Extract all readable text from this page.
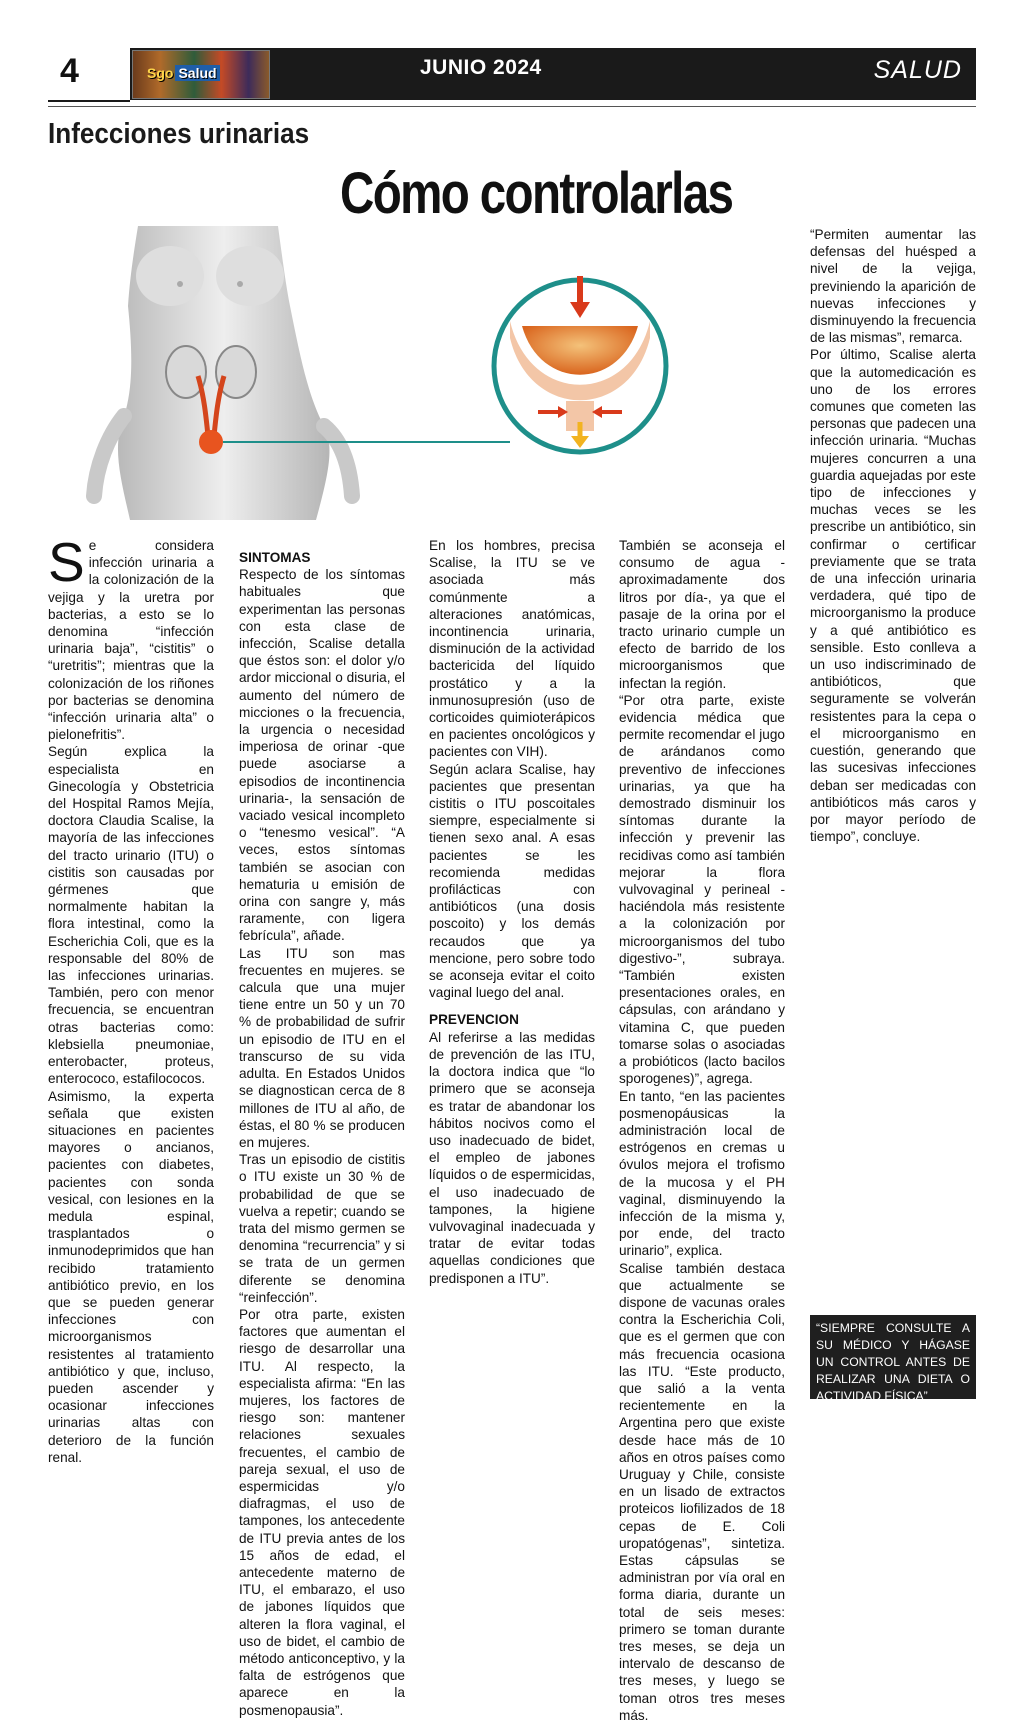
4	Sgo Salud	JUNIO 2024	SALUD
Infecciones urinarias
Cómo controlarlas

Se considera infección urinaria a la colonización de la vejiga y la uretra por bacterias, a esto se lo denomina “infección urinaria baja”, “cistitis” o “uretritis”; mientras que la colonización de los riñones por bacterias se denomina “infección urinaria alta” o pielonefritis”.

Según explica la especialista en Ginecología y Obstetricia del Hospital Ramos Mejía, doctora Claudia Scalise, la mayoría de las infecciones del tracto urinario (ITU) o cistitis son causadas por gérmenes que normalmente habitan la flora intestinal, como la Escherichia Coli, que es la responsable del 80% de las infecciones urinarias. También, pero con menor frecuencia, se encuentran otras bacterias como: klebsiella pneumoniae, enterobacter, proteus, enterococo, estafilococos.

Asimismo, la experta señala que existen situaciones en pacientes mayores o ancianos, pacientes con diabetes, pacientes con sonda vesical, con lesiones en la medula espinal, trasplantados o inmunodeprimidos que han recibido tratamiento antibiótico previo, en los que se pueden generar infecciones con microorganismos resistentes al tratamiento antibiótico y que, incluso, pueden ascender y ocasionar infecciones urinarias altas con deterioro de la función renal.

SINTOMAS

Respecto de los síntomas habituales que experimentan las personas con esta clase de infección, Scalise detalla que éstos son: el dolor y/o ardor miccional o disuria, el aumento del número de micciones o la frecuencia, la urgencia o necesidad imperiosa de orinar -que puede asociarse a episodios de incontinencia urinaria-, la sensación de vaciado vesical incompleto o “tenesmo vesical”. “A veces, estos síntomas también se asocian con hematuria u emisión de orina con sangre y, más raramente, con ligera febrícula”, añade.

Las ITU son mas frecuentes en mujeres. se calcula que una mujer tiene entre un 50 y un 70 % de probabilidad de sufrir un episodio de ITU en el transcurso de su vida adulta. En Estados Unidos se diagnostican cerca de 8 millones de ITU al año, de éstas, el 80 % se producen en mujeres.

Tras un episodio de cistitis o ITU existe un 30 % de probabilidad de que se vuelva a repetir; cuando se trata del mismo germen se denomina “recurrencia” y si se trata de un germen diferente se denomina “reinfección”.

Por otra parte, existen factores que aumentan el riesgo de desarrollar una ITU. Al respecto, la especialista afirma: “En las mujeres, los factores de riesgo son: mantener relaciones sexuales frecuentes, el cambio de pareja sexual, el uso de espermicidas y/o diafragmas, el uso de tampones, los antecedente de ITU previa antes de los 15 años de edad, el antecedente materno de ITU, el embarazo, el uso de jabones líquidos que alteren la flora vaginal, el uso de bidet, el cambio de método anticonceptivo, y la falta de estrógenos que aparece en la posmenopausia”.

En los hombres, precisa Scalise, la ITU se ve asociada más comúnmente a alteraciones anatómicas, incontinencia urinaria, disminución de la actividad bactericida del líquido prostático y a la inmunosupresión (uso de corticoides quimioterápicos en pacientes oncológicos y pacientes con VIH).

Según aclara Scalise, hay pacientes que presentan cistitis o ITU poscoitales siempre, especialmente si tienen sexo anal. A esas pacientes se les recomienda medidas profilácticas con antibióticos (una dosis poscoito) y los demás recaudos que ya mencione, pero sobre todo se aconseja evitar el coito vaginal luego del anal.

PREVENCION

Al referirse a las medidas de prevención de las ITU, la doctora indica que “lo primero que se aconseja es tratar de abandonar los hábitos nocivos como el uso inadecuado de bidet, el empleo de jabones líquidos o de espermicidas, el uso inadecuado de tampones, la higiene vulvovaginal inadecuada y tratar de evitar todas aquellas condiciones que predisponen a ITU”.

También se aconseja el consumo de agua -aproximadamente dos litros por día-, ya que el pasaje de la orina por el tracto urinario cumple un efecto de barrido de los microorganismos que infectan la región.

“Por otra parte, existe evidencia médica que permite recomendar el jugo de arándanos como preventivo de infecciones urinarias, ya que ha demostrado disminuir los síntomas durante la infección y prevenir las recidivas como así también mejorar la flora vulvovaginal y perineal -haciéndola más resistente a la colonización por microorganismos del tubo digestivo-”, subraya. “También existen presentaciones orales, en cápsulas, con arándano y vitamina C, que pueden tomarse solas o asociadas a probióticos (lacto bacilos sporogenes)”, agrega.

En tanto, “en las pacientes posmenopáusicas la administración local de estrógenos en cremas u óvulos mejora el trofismo de la mucosa y el PH vaginal, disminuyendo la infección de la misma y, por ende, del tracto urinario”, explica.

Scalise también destaca que actualmente se dispone de vacunas orales contra la Escherichia Coli, que es el germen que con más frecuencia ocasiona las ITU. “Este producto, que salió a la venta recientemente en la Argentina pero que existe desde hace más de 10 años en otros países como Uruguay y Chile, consiste en un lisado de extractos proteicos liofilizados de 18 cepas de E. Coli uropatógenas”, sintetiza. Estas cápsulas se administran por vía oral en forma diaria, durante un total de seis meses: primero se toman durante tres meses, se deja un intervalo de descanso de tres meses, y luego se toman otros tres meses más.

“Permiten aumentar las defensas del huésped a nivel de la vejiga, previniendo la aparición de nuevas infecciones y disminuyendo la frecuencia de las mismas”, remarca.

Por último, Scalise alerta que la automedicación es uno de los errores comunes que cometen las personas que padecen una infección urinaria. “Muchas mujeres concurren a una guardia aquejadas por este tipo de infecciones y muchas veces se les prescribe un antibiótico, sin confirmar o certificar previamente que se trata de una infección urinaria verdadera, qué tipo de microorganismo la produce y a qué antibiótico es sensible. Esto conlleva a un uso indiscriminado de antibióticos, que seguramente se volverán resistentes para la cepa o el microorganismo en cuestión, generando que las sucesivas infecciones deban ser medicadas con antibióticos más caros y por mayor período de tiempo”, concluye.

“SIEMPRE CONSULTE A SU MÉDICO Y HÁGASE UN CONTROL ANTES DE REALIZAR UNA DIETA O ACTIVIDAD FÍSICA”
